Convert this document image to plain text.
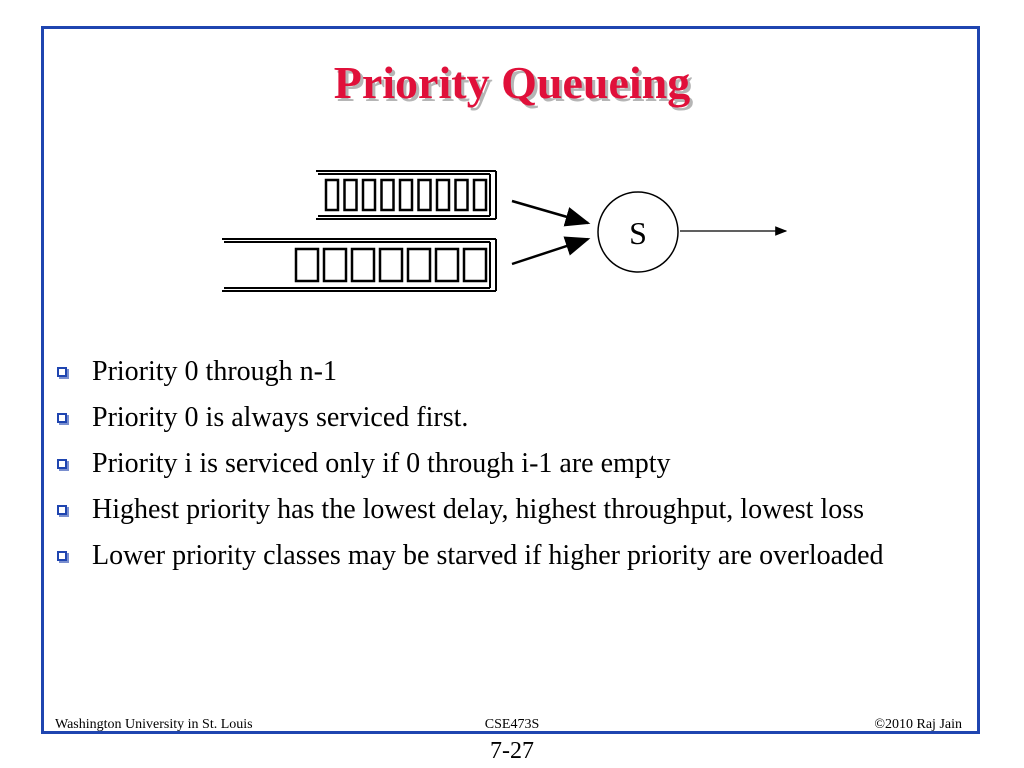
Priority Queueing
S
Priority 0 through n-1
Priority 0 is always serviced first.
Priority i is serviced only if 0 through i-1 are empty
Highest priority has the lowest delay, highest throughput, lowest loss
Lower priority classes may be starved if higher priority are overloaded
Washington University in St. Louis	CSE473S	©2010 Raj Jain
7-27
